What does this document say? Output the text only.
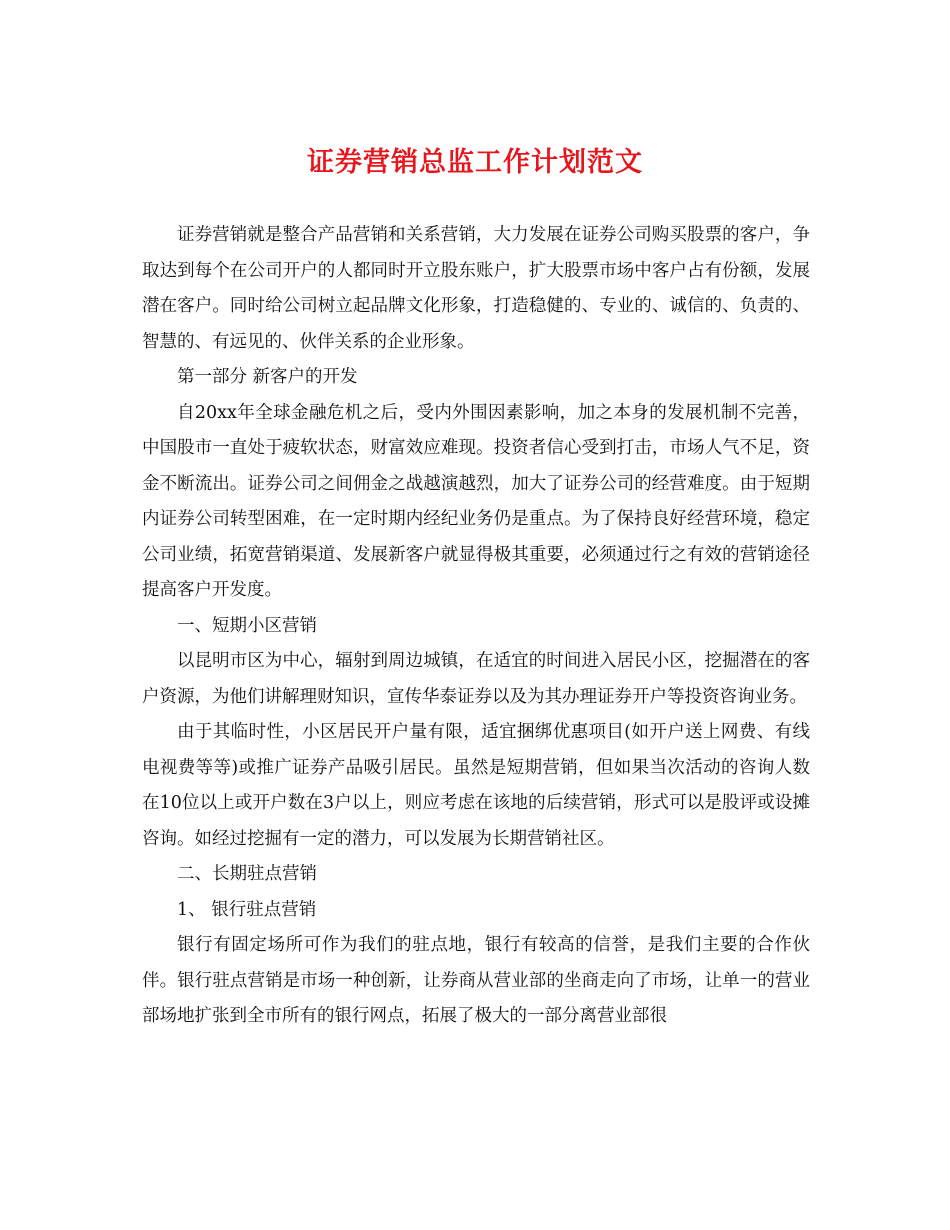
证券营销总监工作计划范文

证券营销就是整合产品营销和关系营销，大力发展在证券公司购买股票的客户，争取达到每个在公司开户的人都同时开立股东账户，扩大股票市场中客户占有份额，发展潜在客户。同时给公司树立起品牌文化形象，打造稳健的、专业的、诚信的、负责的、智慧的、有远见的、伙伴关系的企业形象。

第一部分 新客户的开发

自20xx年全球金融危机之后，受内外围因素影响，加之本身的发展机制不完善，中国股市一直处于疲软状态，财富效应难现。投资者信心受到打击，市场人气不足，资金不断流出。证券公司之间佣金之战越演越烈，加大了证券公司的经营难度。由于短期内证券公司转型困难，在一定时期内经纪业务仍是重点。为了保持良好经营环境，稳定公司业绩，拓宽营销渠道、发展新客户就显得极其重要，必须通过行之有效的营销途径提高客户开发度。

一、短期小区营销

以昆明市区为中心，辐射到周边城镇，在适宜的时间进入居民小区，挖掘潜在的客户资源，为他们讲解理财知识，宣传华泰证券以及为其办理证券开户等投资咨询业务。

由于其临时性，小区居民开户量有限，适宜捆绑优惠项目(如开户送上网费、有线电视费等等)或推广证券产品吸引居民。虽然是短期营销，但如果当次活动的咨询人数在10位以上或开户数在3户以上，则应考虑在该地的后续营销，形式可以是股评或设摊咨询。如经过挖掘有一定的潜力，可以发展为长期营销社区。

二、长期驻点营销

1、 银行驻点营销

银行有固定场所可作为我们的驻点地，银行有较高的信誉，是我们主要的合作伙伴。银行驻点营销是市场一种创新，让券商从营业部的坐商走向了市场，让单一的营业部场地扩张到全市所有的银行网点，拓展了极大的一部分离营业部很
